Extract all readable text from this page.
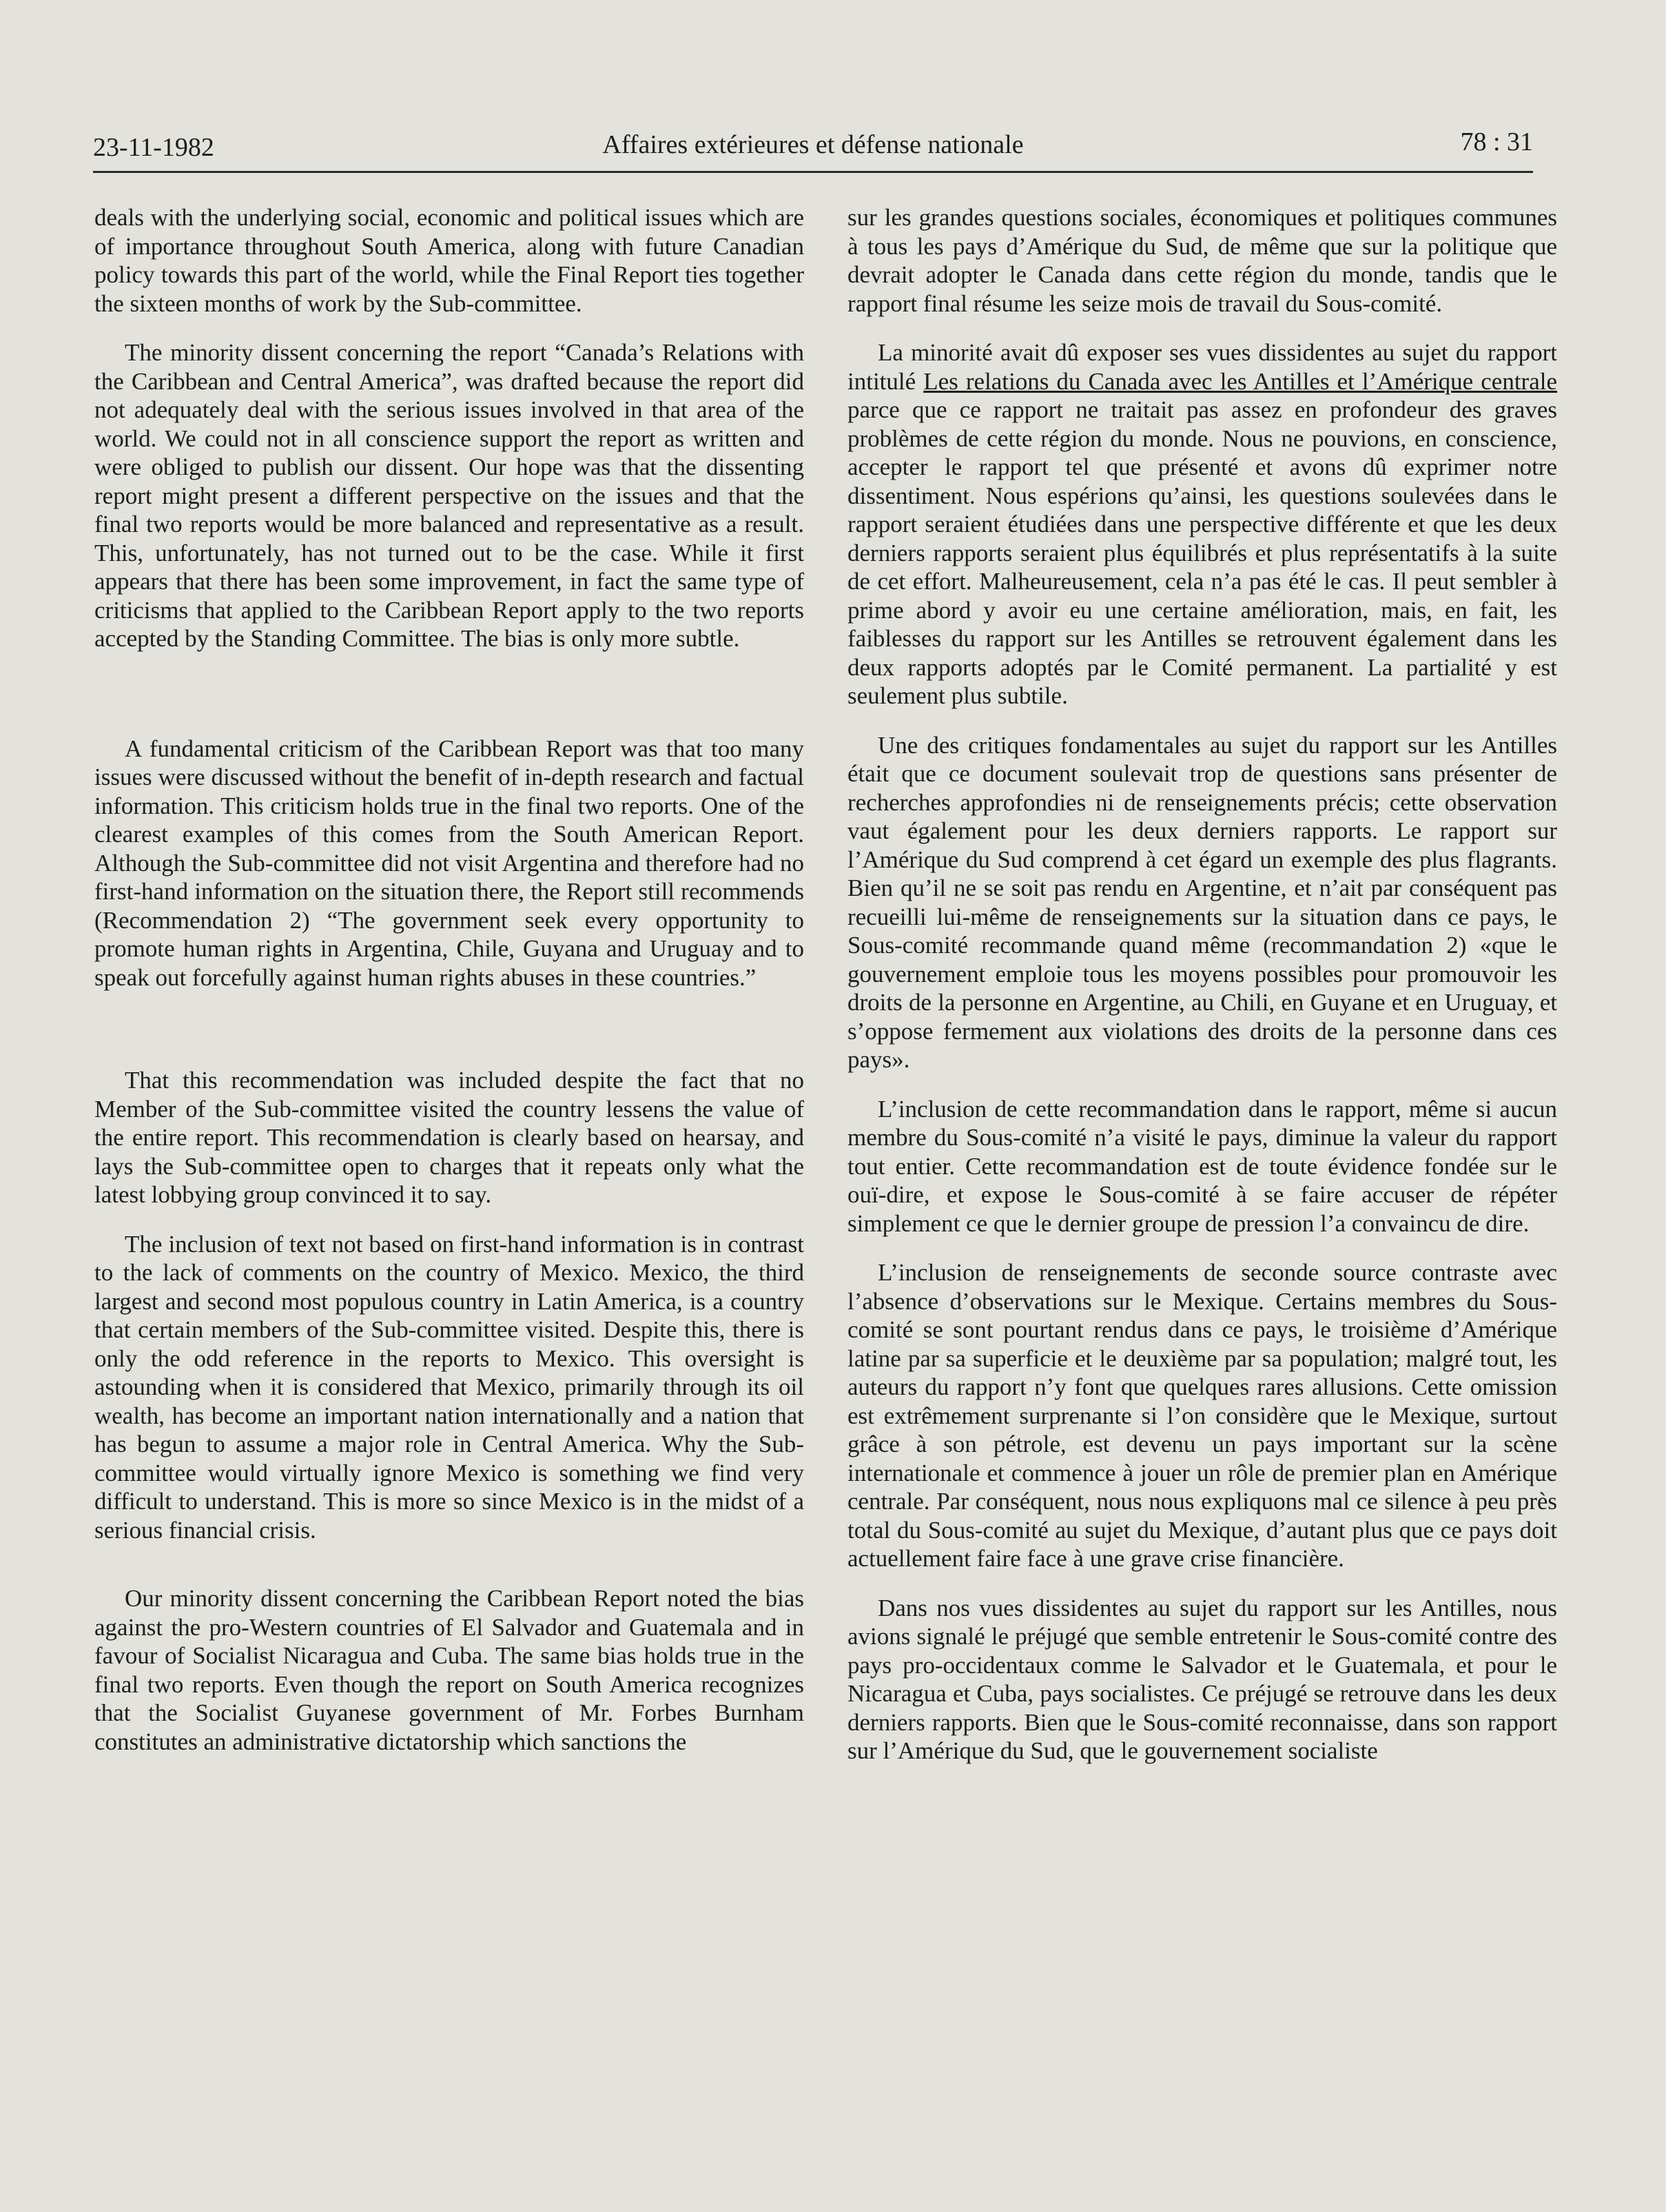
23-11-1982	Affaires extérieures et défense nationale	78 : 31

deals with the underlying social, economic and political issues which are of importance throughout South America, along with future Canadian policy towards this part of the world, while the Final Report ties together the sixteen months of work by the Sub-committee.

The minority dissent concerning the report “Canada’s Relations with the Caribbean and Central America”, was drafted because the report did not adequately deal with the serious issues involved in that area of the world. We could not in all conscience support the report as written and were obliged to publish our dissent. Our hope was that the dissenting report might present a different perspective on the issues and that the final two reports would be more balanced and representative as a result. This, unfortunately, has not turned out to be the case. While it first appears that there has been some improvement, in fact the same type of criticisms that applied to the Caribbean Report apply to the two reports accepted by the Standing Committee. The bias is only more subtle.

A fundamental criticism of the Caribbean Report was that too many issues were discussed without the benefit of in-depth research and factual information. This criticism holds true in the final two reports. One of the clearest examples of this comes from the South American Report. Although the Sub-committee did not visit Argentina and therefore had no first-hand information on the situation there, the Report still recommends (Recommendation 2) “The government seek every opportunity to promote human rights in Argentina, Chile, Guyana and Uruguay and to speak out forcefully against human rights abuses in these countries.”

That this recommendation was included despite the fact that no Member of the Sub-committee visited the country lessens the value of the entire report. This recommendation is clearly based on hearsay, and lays the Sub-committee open to charges that it repeats only what the latest lobbying group convinced it to say.

The inclusion of text not based on first-hand information is in contrast to the lack of comments on the country of Mexico. Mexico, the third largest and second most populous country in Latin America, is a country that certain members of the Sub-committee visited. Despite this, there is only the odd reference in the reports to Mexico. This oversight is astounding when it is considered that Mexico, primarily through its oil wealth, has become an important nation internationally and a nation that has begun to assume a major role in Central America. Why the Sub-committee would virtually ignore Mexico is something we find very difficult to understand. This is more so since Mexico is in the midst of a serious financial crisis.

Our minority dissent concerning the Caribbean Report noted the bias against the pro-Western countries of El Salvador and Guatemala and in favour of Socialist Nicaragua and Cuba. The same bias holds true in the final two reports. Even though the report on South America recognizes that the Socialist Guyanese government of Mr. Forbes Burnham constitutes an administrative dictatorship which sanctions the

sur les grandes questions sociales, économiques et politiques communes à tous les pays d’Amérique du Sud, de même que sur la politique que devrait adopter le Canada dans cette région du monde, tandis que le rapport final résume les seize mois de travail du Sous-comité.

La minorité avait dû exposer ses vues dissidentes au sujet du rapport intitulé Les relations du Canada avec les Antilles et l’Amérique centrale parce que ce rapport ne traitait pas assez en profondeur des graves problèmes de cette région du monde. Nous ne pouvions, en conscience, accepter le rapport tel que présenté et avons dû exprimer notre dissentiment. Nous espérions qu’ainsi, les questions soulevées dans le rapport seraient étudiées dans une perspective différente et que les deux derniers rapports seraient plus équilibrés et plus représentatifs à la suite de cet effort. Malheureusement, cela n’a pas été le cas. Il peut sembler à prime abord y avoir eu une certaine amélioration, mais, en fait, les faiblesses du rapport sur les Antilles se retrouvent également dans les deux rapports adoptés par le Comité permanent. La partialité y est seulement plus subtile.

Une des critiques fondamentales au sujet du rapport sur les Antilles était que ce document soulevait trop de questions sans présenter de recherches approfondies ni de renseignements précis; cette observation vaut également pour les deux derniers rapports. Le rapport sur l’Amérique du Sud comprend à cet égard un exemple des plus flagrants. Bien qu’il ne se soit pas rendu en Argentine, et n’ait par conséquent pas recueilli lui-même de renseignements sur la situation dans ce pays, le Sous-comité recommande quand même (recommandation 2) «que le gouvernement emploie tous les moyens possibles pour promouvoir les droits de la personne en Argentine, au Chili, en Guyane et en Uruguay, et s’oppose fermement aux violations des droits de la personne dans ces pays».

L’inclusion de cette recommandation dans le rapport, même si aucun membre du Sous-comité n’a visité le pays, diminue la valeur du rapport tout entier. Cette recommandation est de toute évidence fondée sur le ouï-dire, et expose le Sous-comité à se faire accuser de répéter simplement ce que le dernier groupe de pression l’a convaincu de dire.

L’inclusion de renseignements de seconde source contraste avec l’absence d’observations sur le Mexique. Certains membres du Sous-comité se sont pourtant rendus dans ce pays, le troisième d’Amérique latine par sa superficie et le deuxième par sa population; malgré tout, les auteurs du rapport n’y font que quelques rares allusions. Cette omission est extrêmement surprenante si l’on considère que le Mexique, surtout grâce à son pétrole, est devenu un pays important sur la scène internationale et commence à jouer un rôle de premier plan en Amérique centrale. Par conséquent, nous nous expliquons mal ce silence à peu près total du Sous-comité au sujet du Mexique, d’autant plus que ce pays doit actuellement faire face à une grave crise financière.

Dans nos vues dissidentes au sujet du rapport sur les Antilles, nous avions signalé le préjugé que semble entretenir le Sous-comité contre des pays pro-occidentaux comme le Salvador et le Guatemala, et pour le Nicaragua et Cuba, pays socialistes. Ce préjugé se retrouve dans les deux derniers rapports. Bien que le Sous-comité reconnaisse, dans son rapport sur l’Amérique du Sud, que le gouvernement socialiste
